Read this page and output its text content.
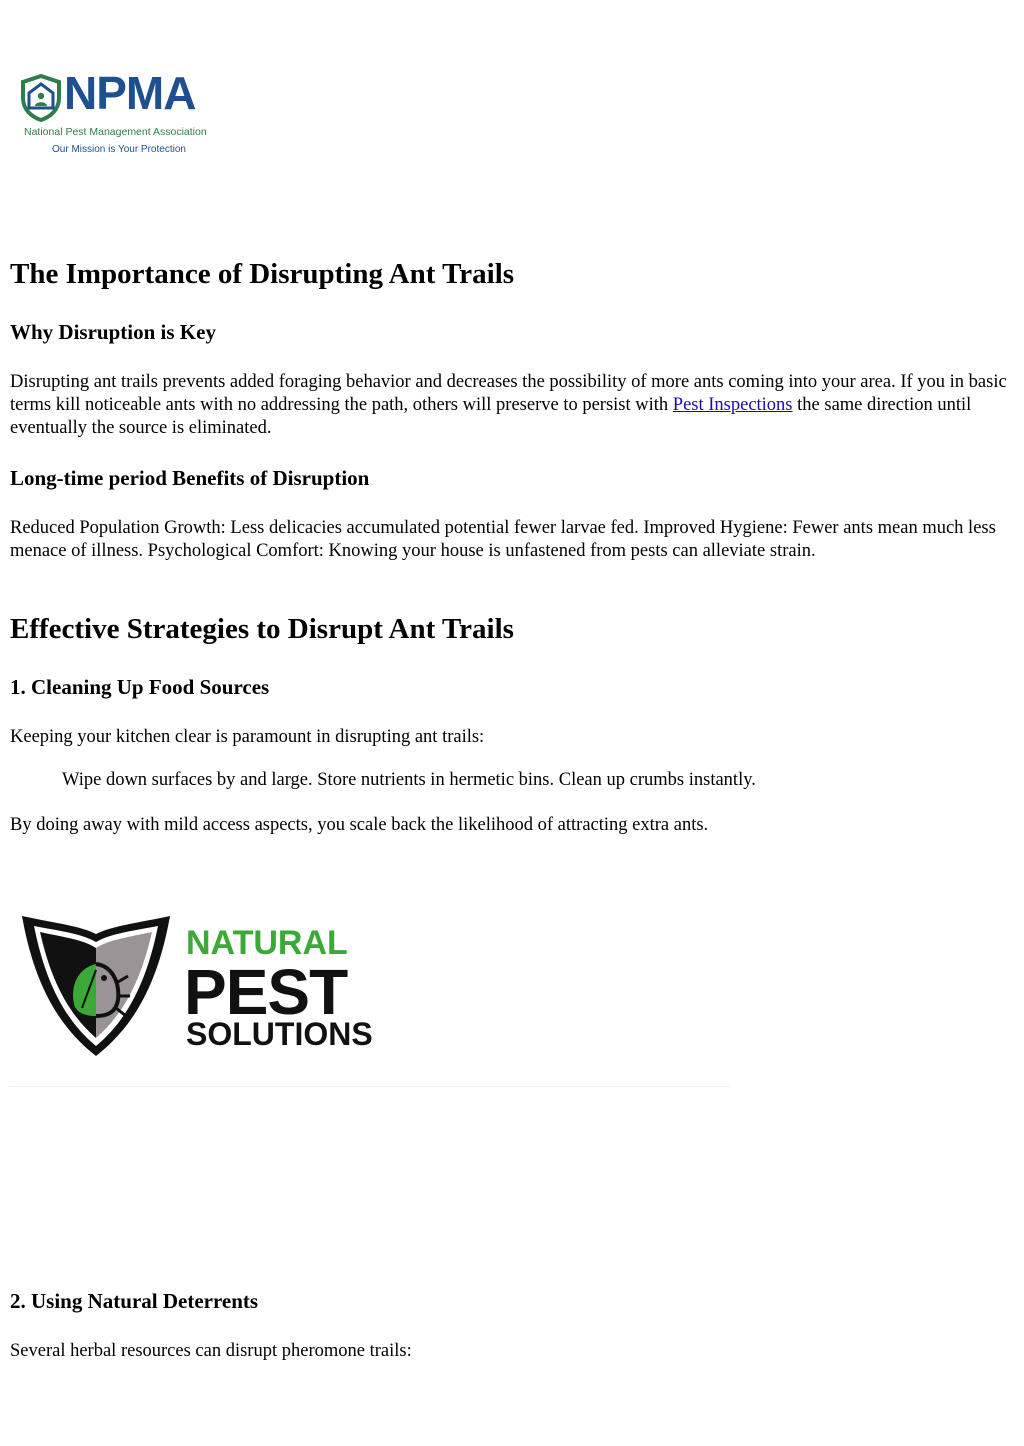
NPMA
National Pest Management Association
Our Mission is Your Protection
The Importance of Disrupting Ant Trails
Why Disruption is Key

Disrupting ant trails prevents added foraging behavior and decreases the possibility of more ants coming into your area. If you in basic terms kill noticeable ants with no addressing the path, others will preserve to persist with Pest Inspections the same direction until eventually the source is eliminated.

Long-time period Benefits of Disruption

Reduced Population Growth: Less delicacies accumulated potential fewer larvae fed. Improved Hygiene: Fewer ants mean much less menace of illness. Psychological Comfort: Knowing your house is unfastened from pests can alleviate strain.

Effective Strategies to Disrupt Ant Trails
1. Cleaning Up Food Sources

Keeping your kitchen clear is paramount in disrupting ant trails:

Wipe down surfaces by and large. Store nutrients in hermetic bins. Clean up crumbs instantly.

By doing away with mild access aspects, you scale back the likelihood of attracting extra ants.

NATURAL
PEST
SOLUTIONS
2. Using Natural Deterrents

Several herbal resources can disrupt pheromone trails:
